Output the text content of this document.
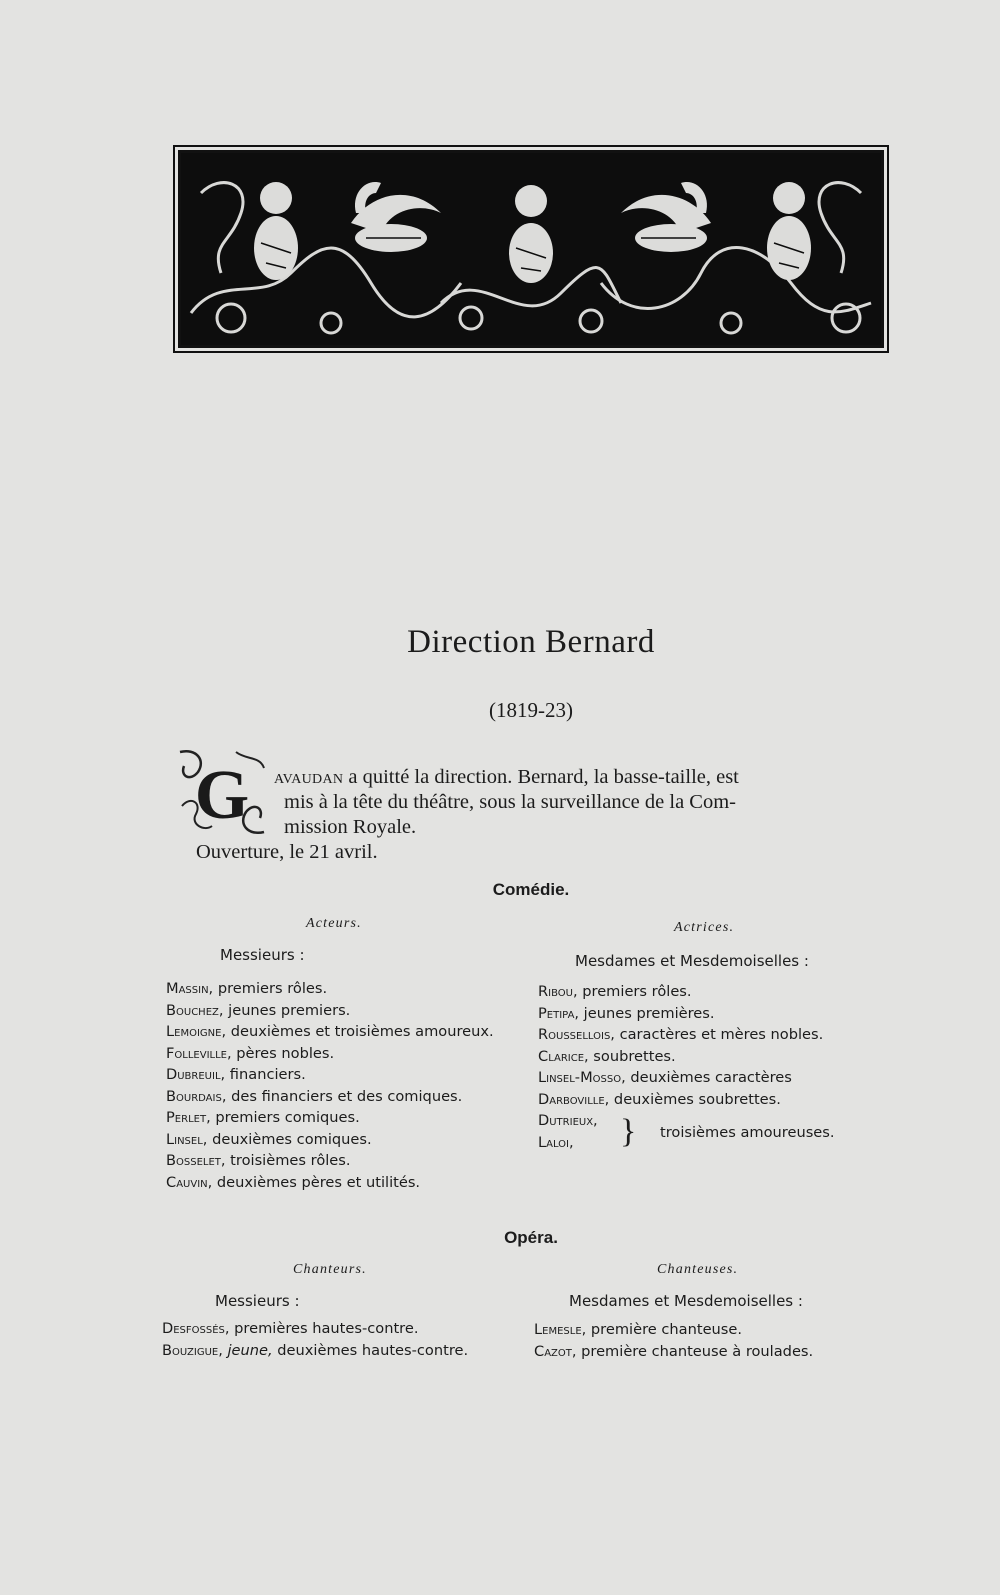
Direction Bernard
(1819-23)
G	avaudan a quitté la direction. Bernard, la basse-taille, est
mis à la tête du théâtre, sous la surveillance de la Com-
mission Royale.
Ouverture, le 21 avril.
Comédie.
Acteurs.
Messieurs :
Massin, premiers rôles.
Bouchez, jeunes premiers.
Lemoigne, deuxièmes et troisièmes amoureux.
Folleville, pères nobles.
Dubreuil, financiers.
Bourdais, des financiers et des comiques.
Perlet, premiers comiques.
Linsel, deuxièmes comiques.
Bosselet, troisièmes rôles.
Cauvin, deuxièmes pères et utilités.
Actrices.
Mesdames et Mesdemoiselles :
Ribou, premiers rôles.
Petipa, jeunes premières.
Roussellois, caractères et mères nobles.
Clarice, soubrettes.
Linsel-Mosso, deuxièmes caractères
Darboville, deuxièmes soubrettes.
Dutrieux,
Laloi, } troisièmes amoureuses.
Opéra.
Chanteurs.
Messieurs :
Desfossés, premières hautes-contre.
Bouzigue, jeune, deuxièmes hautes-contre.
Chanteuses.
Mesdames et Mesdemoiselles :
Lemesle, première chanteuse.
Cazot, première chanteuse à roulades.
